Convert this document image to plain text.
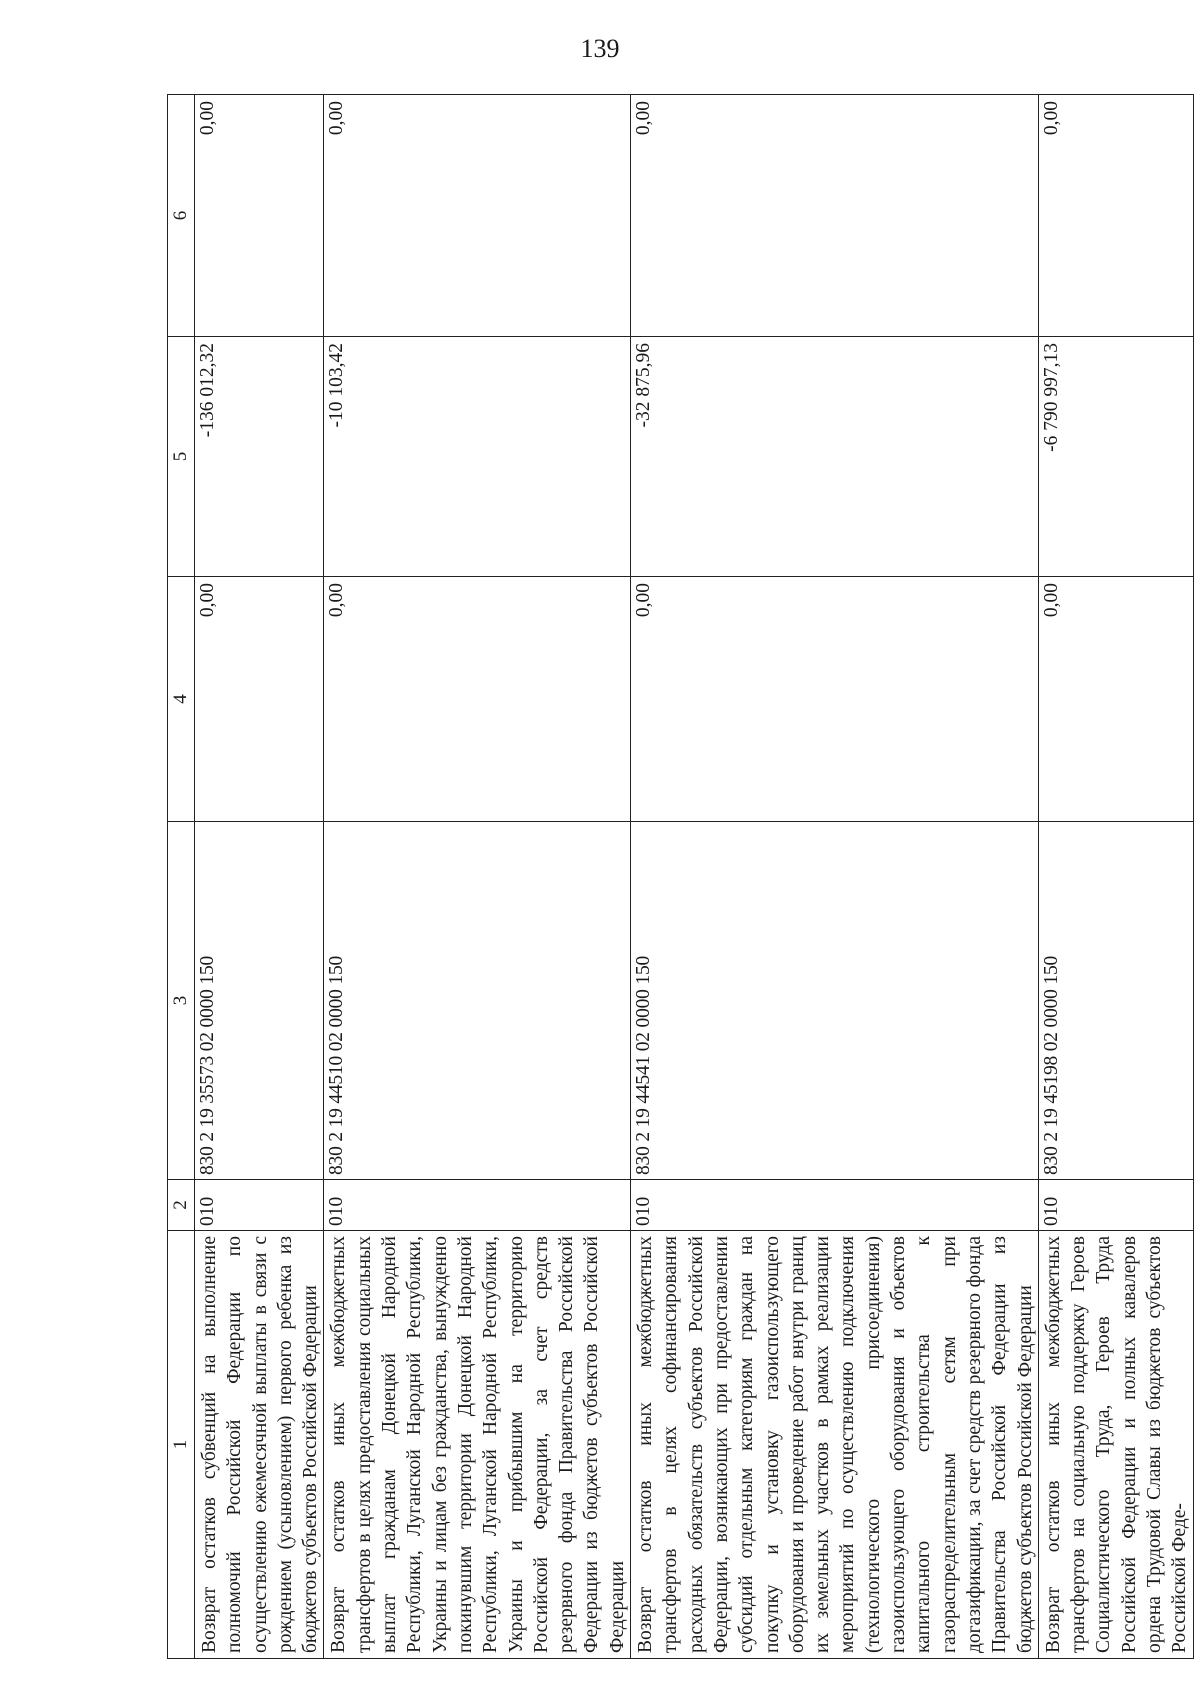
139
1	2	3	4	5	6
Возврат остатков субвенций на выполнение полномочий Российской Федерации по осуществлению ежемесячной выплаты в связи с рождением (усыновлением) первого ребенка из бюджетов субъектов Российской Федерации	010	830 2 19 35573 02 0000 150	0,00	-136 012,32	0,00
Возврат остатков иных межбюджетных трансфертов в целях предоставления социальных выплат гражданам Донецкой Народной Республики, Луганской Народной Республики, Украины и лицам без гражданства, вынужденно покинувшим территории Донецкой Народной Республики, Луганской Народной Республики, Украины и прибывшим на территорию Российской Федерации, за счет средств резервного фонда Правительства Российской Федерации из бюджетов субъектов Российской Федерации	010	830 2 19 44510 02 0000 150	0,00	-10 103,42	0,00
Возврат остатков иных межбюджетных трансфертов в целях софинансирования расходных обязательств субъектов Российской Федерации, возникающих при предоставлении субсидий отдельным категориям граждан на покупку и установку газоиспользующего оборудования и проведение работ внутри границ их земельных участков в рамках реализации мероприятий по осуществлению подключения (технологического присоединения) газоиспользующего оборудования и объектов капитального строительства к газораспределительным сетям при догазификации, за счет средств резервного фонда Правительства Российской Федерации из бюджетов субъектов Российской Федерации	010	830 2 19 44541 02 0000 150	0,00	-32 875,96	0,00
Возврат остатков иных межбюджетных трансфертов на социальную поддержку Героев Социалистического Труда, Героев Труда Российской Федерации и полных кавалеров ордена Трудовой Славы из бюджетов субъектов Российской Феде-	010	830 2 19 45198 02 0000 150	0,00	-6 790 997,13	0,00
